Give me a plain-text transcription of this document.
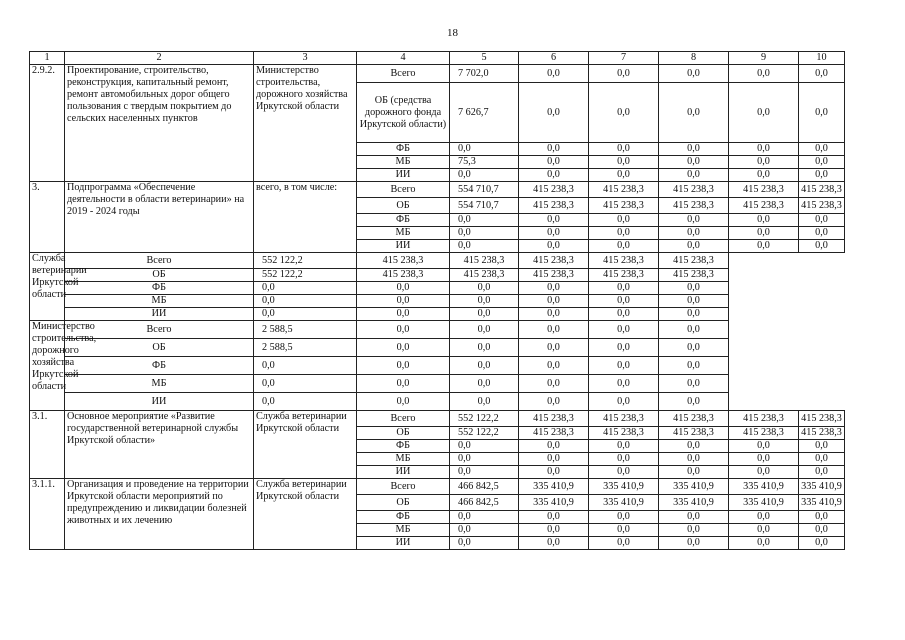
18
1	2	3	4	5	6	7	8	9	10
2.9.2.	Проектирование, строительство, реконструкция, капитальный ремонт, ремонт автомобильных дорог общего пользования с твердым покрытием до сельских населенных пунктов	Министерство строительства, дорожного хозяйства Иркутской области	Всего	7 702,0	0,0	0,0	0,0	0,0	0,0
			ОБ (средства дорожного фонда Иркутской области)	7 626,7	0,0	0,0	0,0	0,0	0,0
			ФБ	0,0	0,0	0,0	0,0	0,0	0,0
			МБ	75,3	0,0	0,0	0,0	0,0	0,0
			ИИ	0,0	0,0	0,0	0,0	0,0	0,0
3.	Подпрограмма «Обеспечение деятельности в области ветеринарии» на 2019 - 2024 годы	всего, в том числе:	Всего	554 710,7	415 238,3	415 238,3	415 238,3	415 238,3	415 238,3
			ОБ	554 710,7	415 238,3	415 238,3	415 238,3	415 238,3	415 238,3
			ФБ	0,0	0,0	0,0	0,0	0,0	0,0
			МБ	0,0	0,0	0,0	0,0	0,0	0,0
			ИИ	0,0	0,0	0,0	0,0	0,0	0,0
Служба ветеринарии Иркутской области	Всего	552 122,2	415 238,3	415 238,3	415 238,3	415 238,3	415 238,3		
	ОБ	552 122,2	415 238,3	415 238,3	415 238,3	415 238,3	415 238,3		
	ФБ	0,0	0,0	0,0	0,0	0,0	0,0		
	МБ	0,0	0,0	0,0	0,0	0,0	0,0		
	ИИ	0,0	0,0	0,0	0,0	0,0	0,0		
Министерство строительства, дорожного хозяйства Иркутской области	Всего	2 588,5	0,0	0,0	0,0	0,0	0,0		
	ОБ	2 588,5	0,0	0,0	0,0	0,0	0,0		
	ФБ	0,0	0,0	0,0	0,0	0,0	0,0		
	МБ	0,0	0,0	0,0	0,0	0,0	0,0		
	ИИ	0,0	0,0	0,0	0,0	0,0	0,0		
3.1.	Основное мероприятие «Развитие государственной ветеринарной службы Иркутской области»	Служба ветеринарии Иркутской области	Всего	552 122,2	415 238,3	415 238,3	415 238,3	415 238,3	415 238,3
			ОБ	552 122,2	415 238,3	415 238,3	415 238,3	415 238,3	415 238,3
			ФБ	0,0	0,0	0,0	0,0	0,0	0,0
			МБ	0,0	0,0	0,0	0,0	0,0	0,0
			ИИ	0,0	0,0	0,0	0,0	0,0	0,0
3.1.1.	Организация и проведение на территории Иркутской области мероприятий по предупреждению и ликвидации болезней животных и их лечению	Служба ветеринарии Иркутской области	Всего	466 842,5	335 410,9	335 410,9	335 410,9	335 410,9	335 410,9
			ОБ	466 842,5	335 410,9	335 410,9	335 410,9	335 410,9	335 410,9
			ФБ	0,0	0,0	0,0	0,0	0,0	0,0
			МБ	0,0	0,0	0,0	0,0	0,0	0,0
			ИИ	0,0	0,0	0,0	0,0	0,0	0,0
